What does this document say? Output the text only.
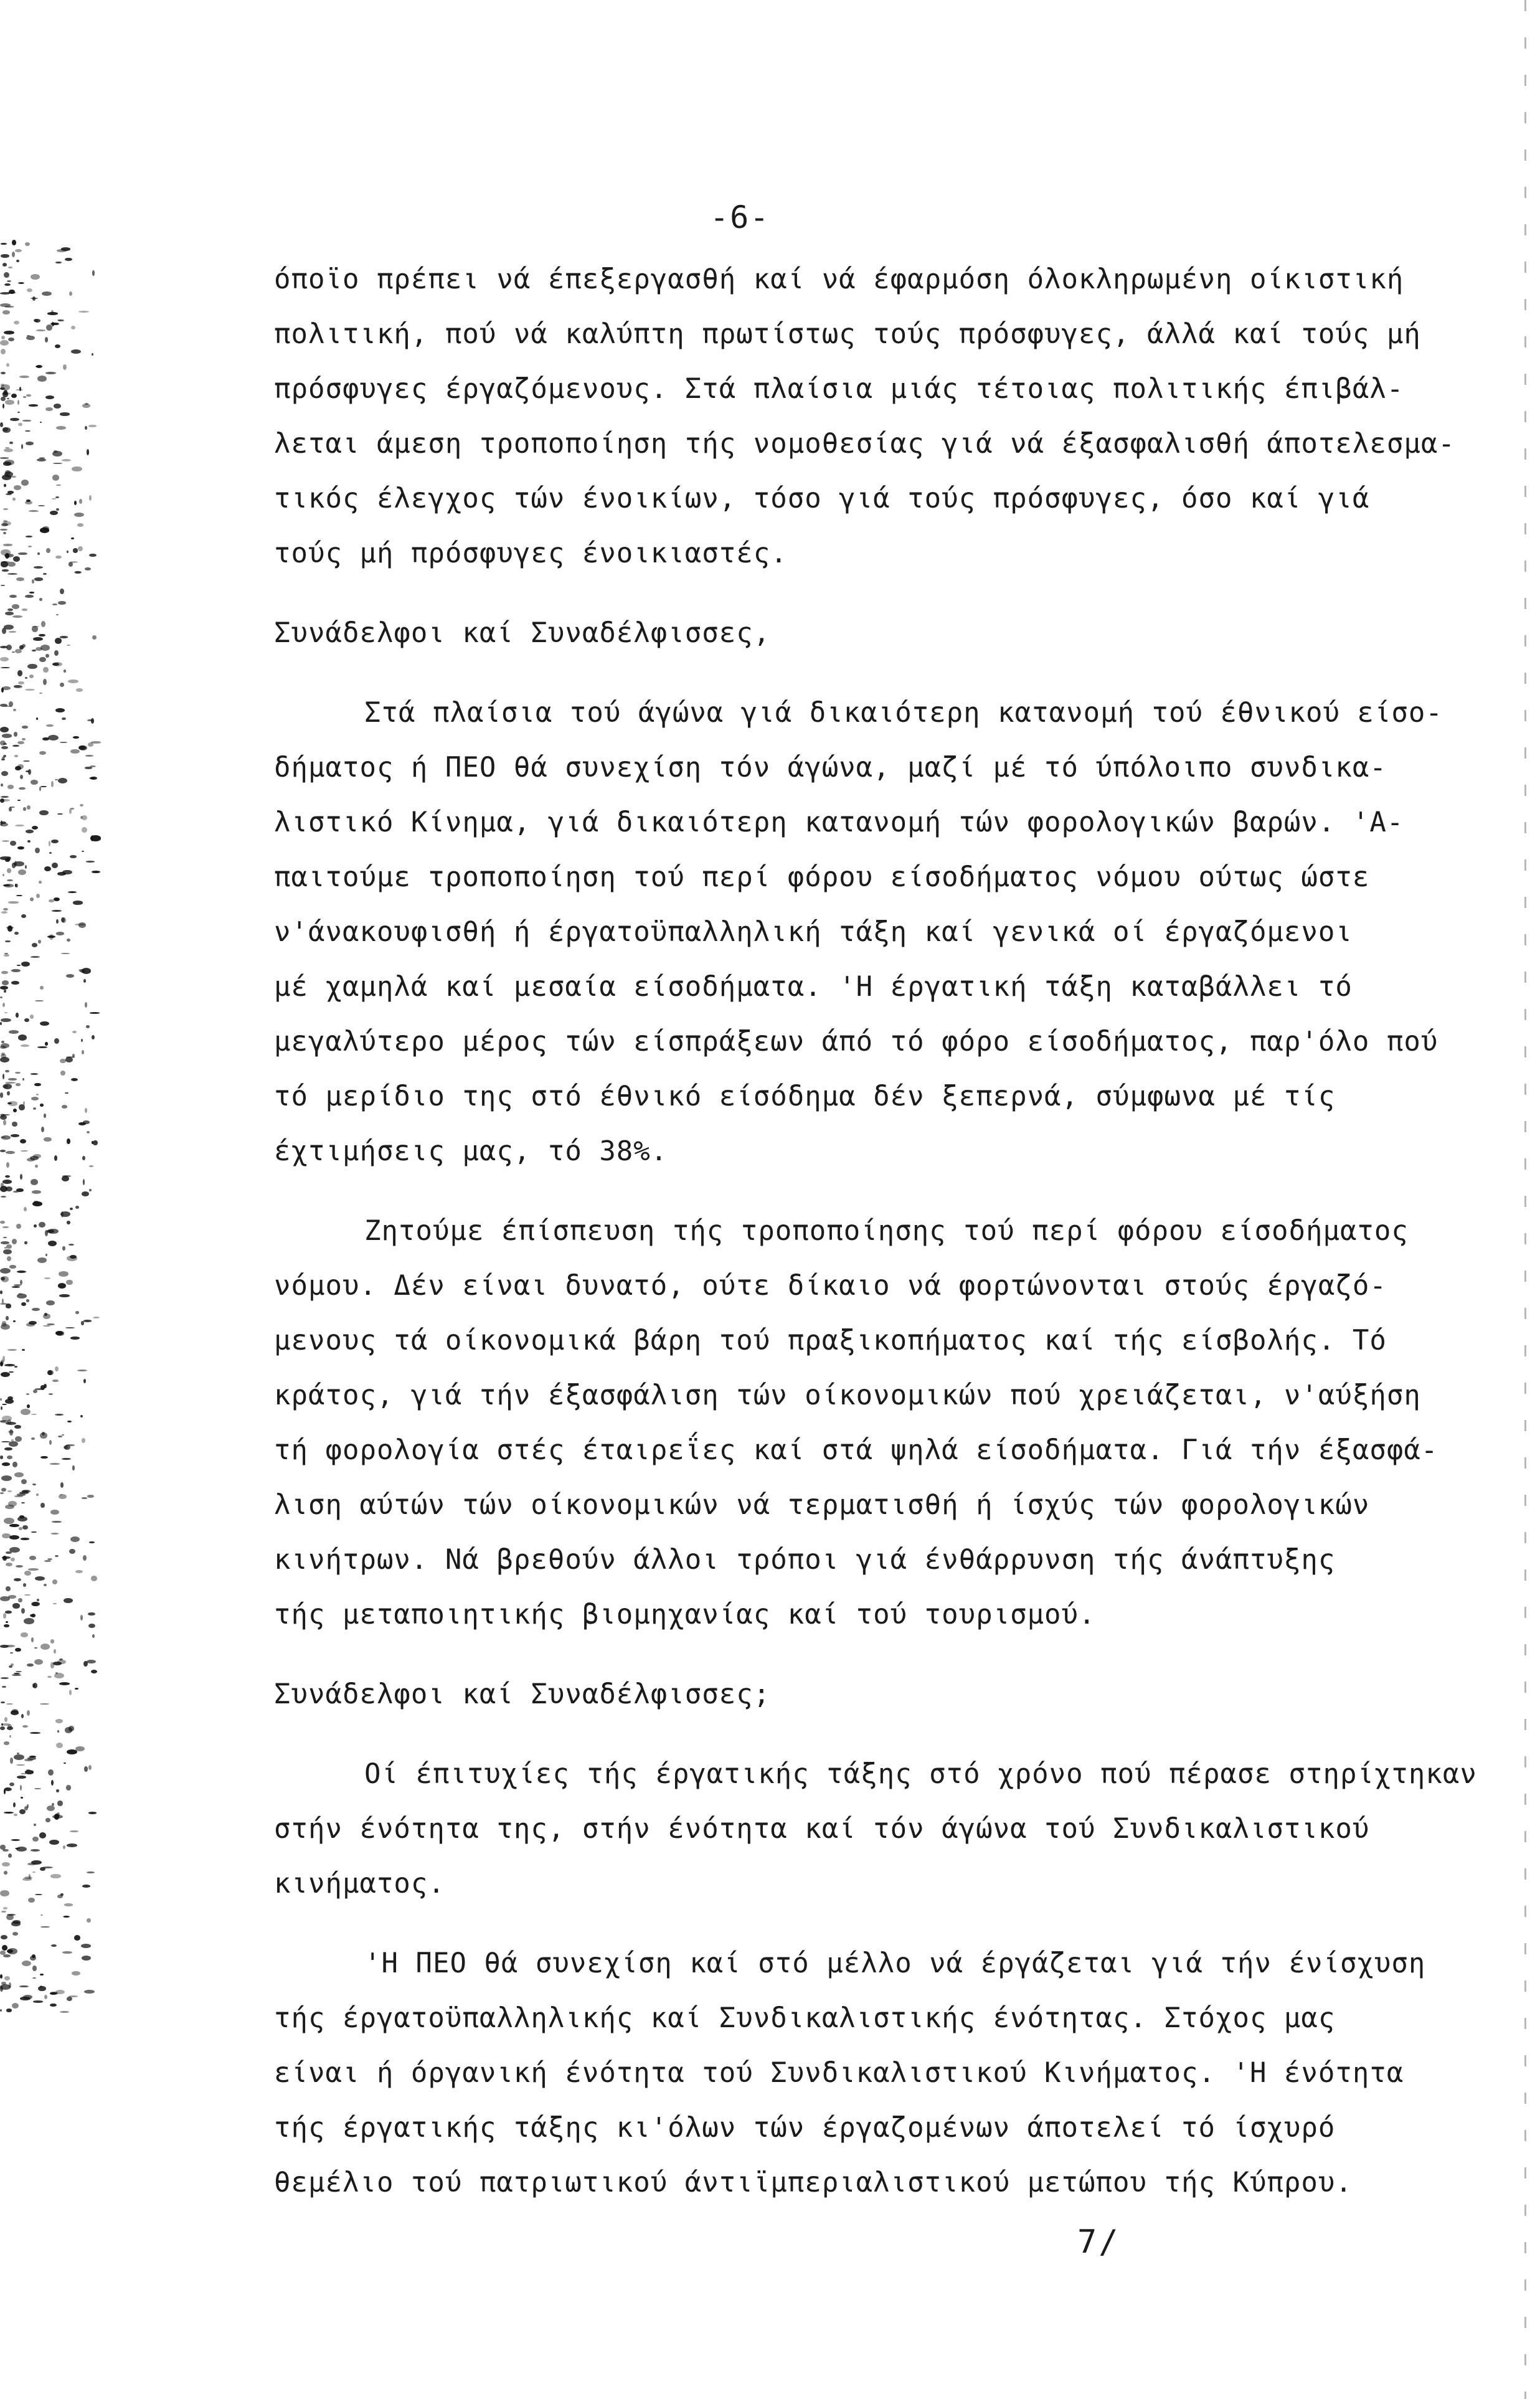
-6-
όποϊο πρέπει νά έπεξεργασθή καί νά έφαρμόση όλοκληρωμένη οίκιστική
πολιτική, πού νά καλύπτη πρωτίστως τούς πρόσφυγες, άλλά καί τούς μή
πρόσφυγες έργαζόμενους. Στά πλαίσια μιάς τέτοιας πολιτικής έπιβάλ-
λεται άμεση τροποποίηση τής νομοθεσίας γιά νά έξασφαλισθή άποτελεσμα-
τικός έλεγχος τών ένοικίων, τόσο γιά τούς πρόσφυγες, όσο καί γιά
τούς μή πρόσφυγες ένοικιαστές.
Συνάδελφοι καί Συναδέλφισσες,
Στά πλαίσια τού άγώνα γιά δικαιότερη κατανομή τού έθνικού είσο-
δήματος ή ΠΕΟ θά συνεχίση τόν άγώνα, μαζί μέ τό ύπόλοιπο συνδικα-
λιστικό Κίνημα, γιά δικαιότερη κατανομή τών φορολογικών βαρών. 'Α-
παιτούμε τροποποίηση τού περί φόρου είσοδήματος νόμου ούτως ώστε
ν'άνακουφισθή ή έργατοϋπαλληλική τάξη καί γενικά οί έργαζόμενοι
μέ χαμηλά καί μεσαία είσοδήματα. 'Η έργατική τάξη καταβάλλει τό
μεγαλύτερο μέρος τών είσπράξεων άπό τό φόρο είσοδήματος, παρ'όλο πού
τό μερίδιο της στό έθνικό είσόδημα δέν ξεπερνά, σύμφωνα μέ τίς
έχτιμήσεις μας, τό 38%.
Ζητούμε έπίσπευση τής τροποποίησης τού περί φόρου είσοδήματος
νόμου. Δέν είναι δυνατό, ούτε δίκαιο νά φορτώνονται στούς έργαζό-
μενους τά οίκονομικά βάρη τού πραξικοπήματος καί τής είσβολής. Τό
κράτος, γιά τήν έξασφάλιση τών οίκονομικών πού χρειάζεται, ν'αύξήση
τή φορολογία στές έταιρεΐες καί στά ψηλά είσοδήματα. Γιά τήν έξασφά-
λιση αύτών τών οίκονομικών νά τερματισθή ή ίσχύς τών φορολογικών
κινήτρων. Νά βρεθούν άλλοι τρόποι γιά ένθάρρυνση τής άνάπτυξης
τής μεταποιητικής βιομηχανίας καί τού τουρισμού.
Συνάδελφοι καί Συναδέλφισσες;
Οί έπιτυχίες τής έργατικής τάξης στό χρόνο πού πέρασε στηρίχτηκαν
στήν ένότητα της, στήν ένότητα καί τόν άγώνα τού Συνδικαλιστικού
κινήματος.
'Η ΠΕΟ θά συνεχίση καί στό μέλλο νά έργάζεται γιά τήν ένίσχυση
τής έργατοϋπαλληλικής καί Συνδικαλιστικής ένότητας. Στόχος μας
είναι ή όργανική ένότητα τού Συνδικαλιστικού Κινήματος. 'Η ένότητα
τής έργατικής τάξης κι'όλων τών έργαζομένων άποτελεί τό ίσχυρό
θεμέλιο τού πατριωτικού άντιϊμπεριαλιστικού μετώπου τής Κύπρου.
7/
